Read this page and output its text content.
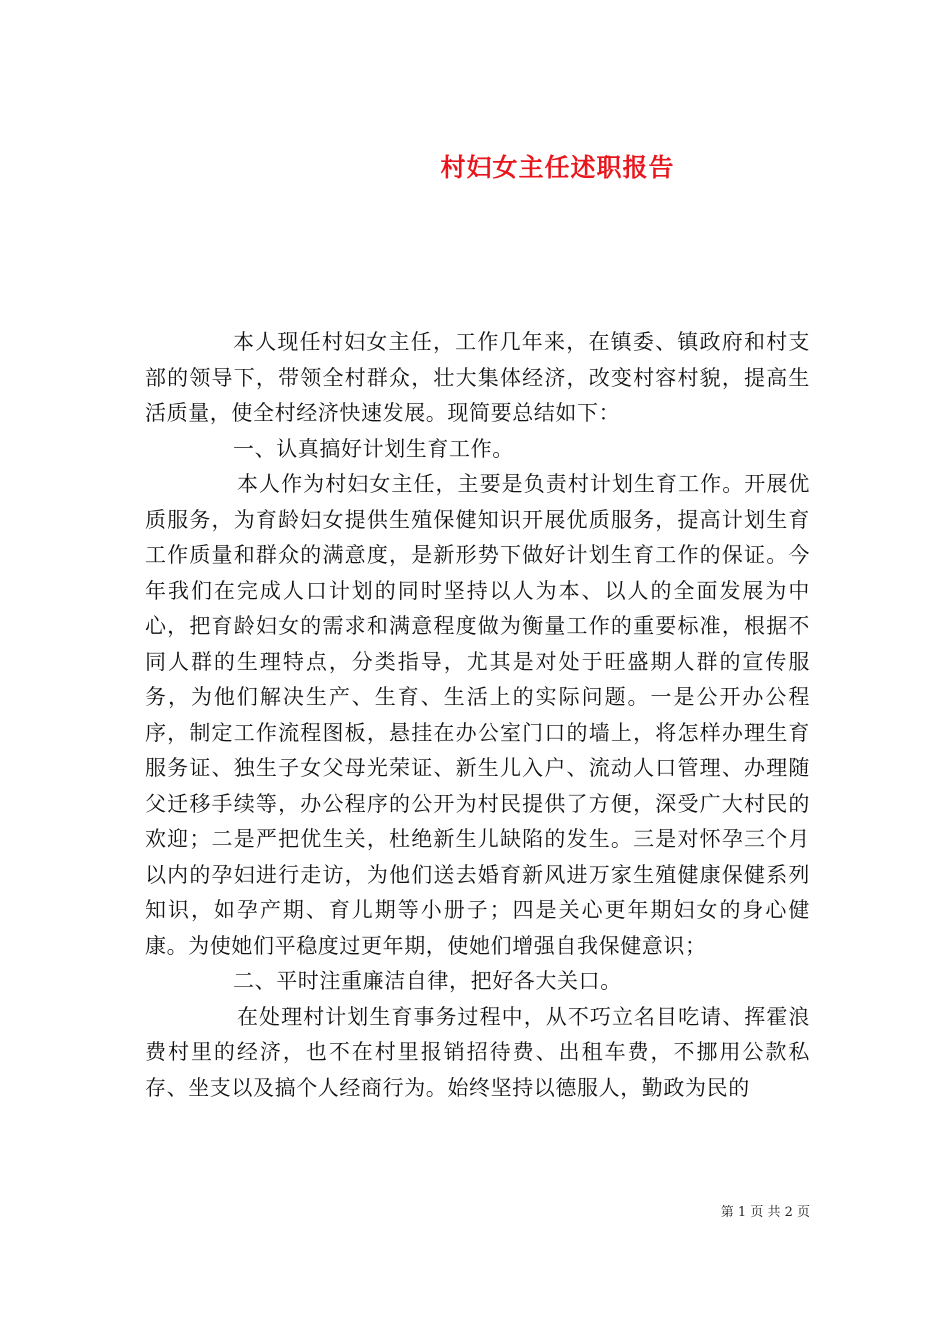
村妇女主任述职报告

本人现任村妇女主任，工作几年来，在镇委、镇政府和村支部的领导下，带领全村群众，壮大集体经济，改变村容村貌，提高生活质量，使全村经济快速发展。现简要总结如下：

一、认真搞好计划生育工作。

本人作为村妇女主任，主要是负责村计划生育工作。开展优质服务，为育龄妇女提供生殖保健知识开展优质服务，提高计划生育工作质量和群众的满意度，是新形势下做好计划生育工作的保证。今年我们在完成人口计划的同时坚持以人为本、以人的全面发展为中心，把育龄妇女的需求和满意程度做为衡量工作的重要标准，根据不同人群的生理特点，分类指导，尤其是对处于旺盛期人群的宣传服务，为他们解决生产、生育、生活上的实际问题。一是公开办公程序，制定工作流程图板，悬挂在办公室门口的墙上，将怎样办理生育服务证、独生子女父母光荣证、新生儿入户、流动人口管理、办理随父迁移手续等，办公程序的公开为村民提供了方便，深受广大村民的欢迎；二是严把优生关，杜绝新生儿缺陷的发生。三是对怀孕三个月以内的孕妇进行走访，为他们送去婚育新风进万家生殖健康保健系列知识，如孕产期、育儿期等小册子；四是关心更年期妇女的身心健康。为使她们平稳度过更年期，使她们增强自我保健意识；

二、平时注重廉洁自律，把好各大关口。

在处理村计划生育事务过程中，从不巧立名目吃请、挥霍浪费村里的经济，也不在村里报销招待费、出租车费，不挪用公款私存、坐支以及搞个人经商行为。始终坚持以德服人，勤政为民的

第 1 页 共 2 页
